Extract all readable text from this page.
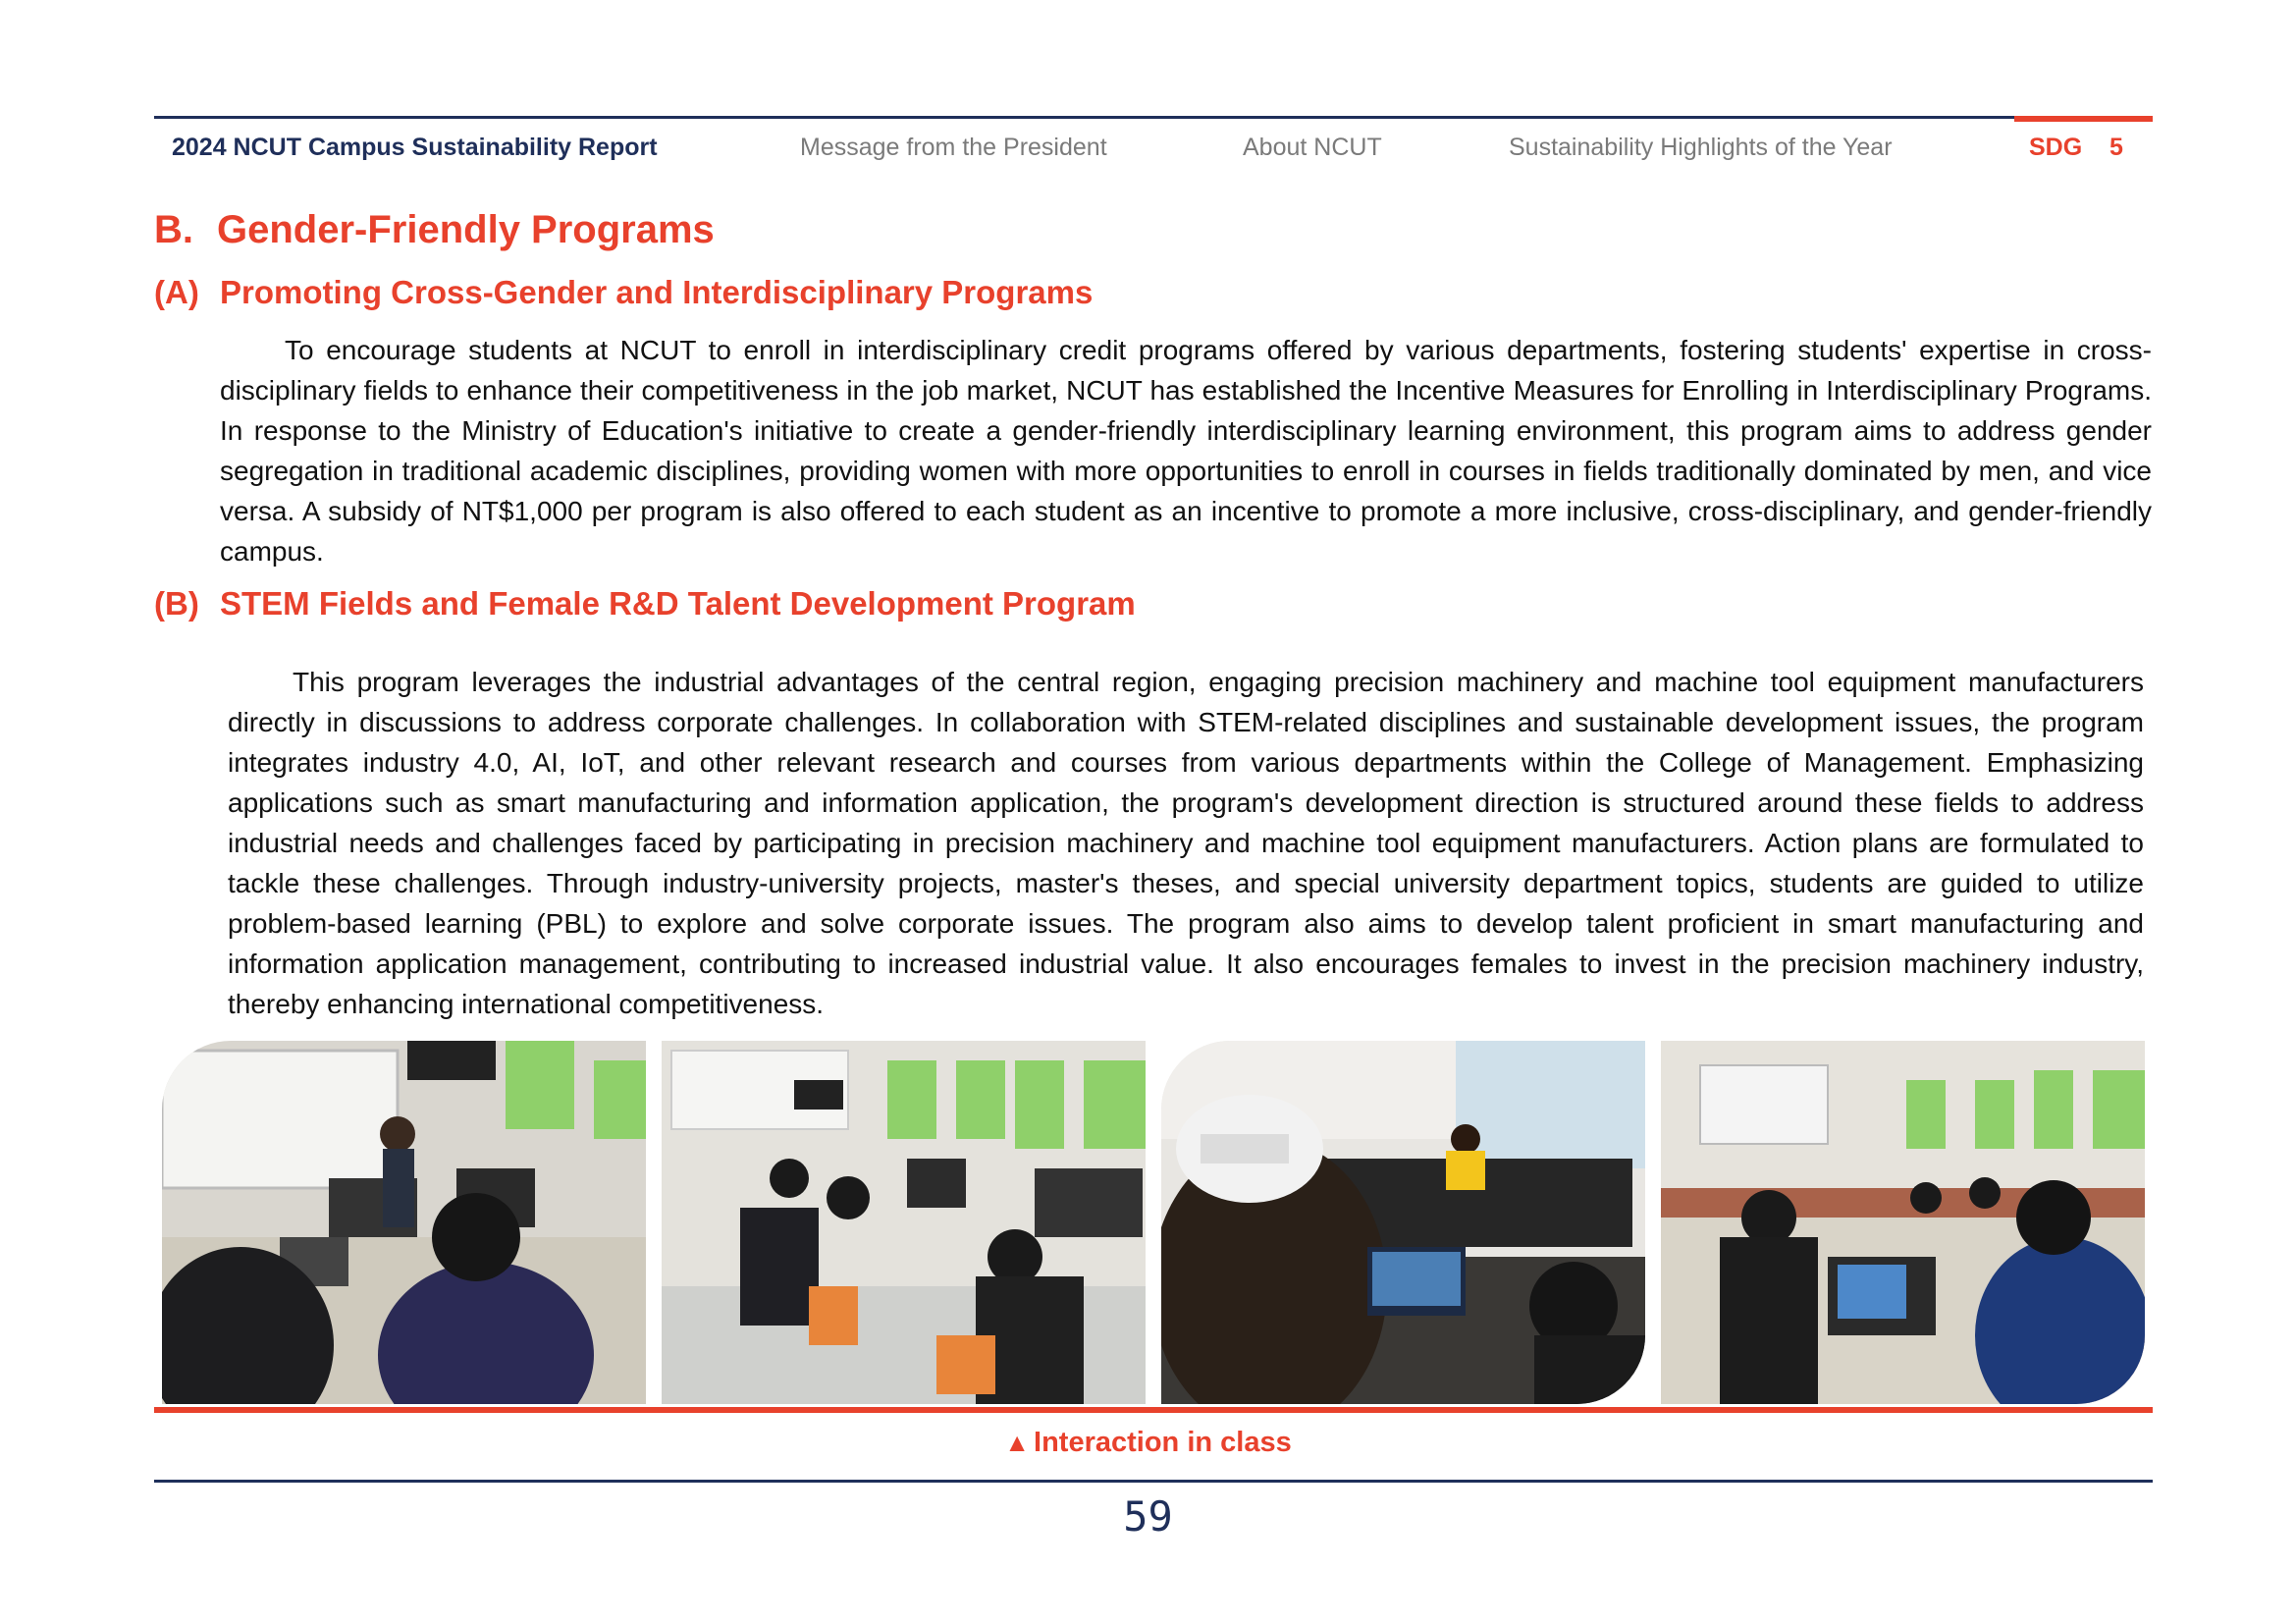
2024 NCUT Campus Sustainability Report	Message from the President	About NCUT	Sustainability Highlights of the Year	SDG 5
B. Gender-Friendly Programs
(A) Promoting Cross-Gender and Interdisciplinary Programs

To encourage students at NCUT to enroll in interdisciplinary credit programs offered by various departments, fostering students' expertise in cross-disciplinary fields to enhance their competitiveness in the job market, NCUT has established the Incentive Measures for Enrolling in Interdisciplinary Programs. In response to the Ministry of Education's initiative to create a gender-friendly interdisciplinary learning environment, this program aims to address gender segregation in traditional academic disciplines, providing women with more opportunities to enroll in courses in fields traditionally dominated by men, and vice versa. A subsidy of NT$1,000 per program is also offered to each student as an incentive to promote a more inclusive, cross-disciplinary, and gender-friendly campus.

(B) STEM Fields and Female R&D Talent Development Program

This program leverages the industrial advantages of the central region, engaging precision machinery and machine tool equipment manufacturers directly in discussions to address corporate challenges. In collaboration with STEM-related disciplines and sustainable development issues, the program integrates industry 4.0, AI, IoT, and other relevant research and courses from various departments within the College of Management. Emphasizing applications such as smart manufacturing and information application, the program's development direction is structured around these fields to address industrial needs and challenges faced by participating in precision machinery and machine tool equipment manufacturers. Action plans are formulated to tackle these challenges. Through industry-university projects, master's theses, and special university department topics, students are guided to utilize problem-based learning (PBL) to explore and solve corporate issues. The program also aims to develop talent proficient in smart manufacturing and information application management, contributing to increased industrial value. It also encourages females to invest in the precision machinery industry, thereby enhancing international competitiveness.

▲ Interaction in class
59
